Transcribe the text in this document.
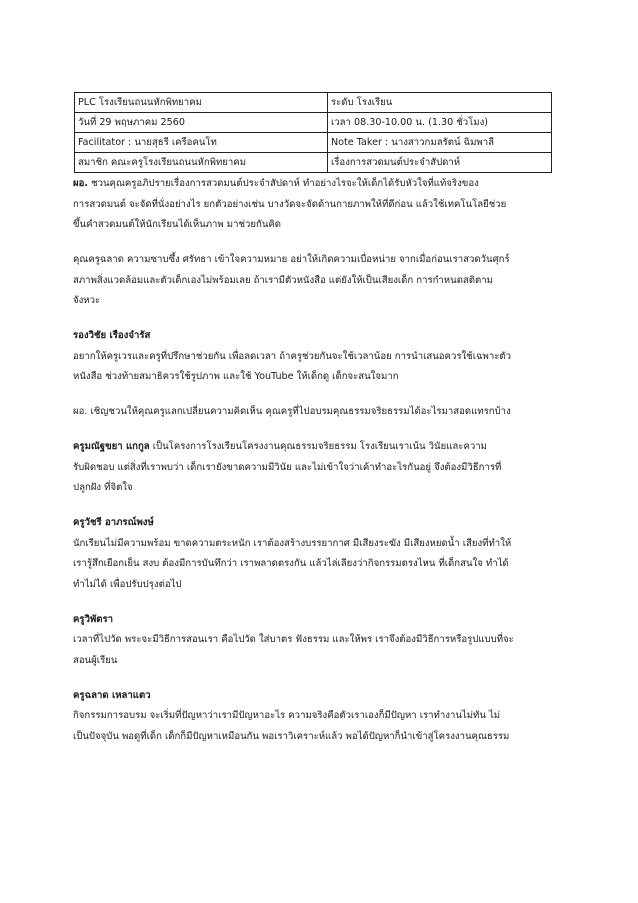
PLC โรงเรียนถนนหักพิทยาคม	ระดับ โรงเรียน
วันที่ 29 พฤษภาคม 2560	เวลา 08.30-10.00 น. (1.30 ชั่วโมง)
Facilitator : นายสุธรี เครือคนโท	Note Taker : นางสาวกมลรัตน์ ฉิมพาลี
สมาชิก คณะครูโรงเรียนถนนหักพิทยาคม	เรื่องการสวดมนต์ประจำสัปดาห์
ผอ. ชวนคุณครูอภิปรายเรื่องการสวดมนต์ประจำสัปดาห์ ทำอย่างไรจะให้เด็กได้รับหัวใจที่แท้จริงของ
การสวดมนต์ จะจัดที่นั่งอย่างไร ยกตัวอย่างเช่น บางวัดจะจัดด้านกายภาพให้ที่ดีก่อน แล้วใช้เทคโนโลยีช่วย
ขึ้นคำสวดมนต์ให้นักเรียนได้เห็นภาพ มาช่วยกันคิด
คุณครูฉลาด ความซาบซึ้ง ศรัทธา เข้าใจความหมาย อย่าให้เกิดความเบื่อหน่าย จากเมื่อก่อนเราสวดวันศุกร์
สภาพสิ่งแวดล้อมและตัวเด็กเองไม่พร้อมเลย ถ้าเรามีตัวหนังสือ แต่ยังให้เป็นเสียงเด็ก การกำหนดสติตาม
จังหวะ
รองวิชัย เรืองจำรัส
อยากให้ครูเวรและครูที่ปรึกษาช่วยกัน เพื่อลดเวลา ถ้าครูช่วยกันจะใช้เวลาน้อย การนำเสนอควรใช้เฉพาะตัว
หนังสือ ช่วงท้ายสมาธิควรใช้รูปภาพ และใช้ YouTube ให้เด็กดู เด็กจะสนใจมาก
ผอ. เชิญชวนให้คุณครูแลกเปลี่ยนความคิดเห็น คุณครูที่ไปอบรมคุณธรรมจริยธรรมได้อะไรมาสอดแทรกบ้าง
ครูมณัฐขยา แกกูล เป็นโครงการโรงเรียนโครงงานคุณธรรมจริยธรรม โรงเรียนเราเน้น วินัยและความ
รับผิดชอบ แต่สิ่งที่เราพบว่า เด็กเรายังขาดความมีวินัย และไม่เข้าใจว่าเค้าทำอะไรกันอยู่ จึงต้องมีวิธีการที่
ปลูกฝัง ที่จิตใจ
ครูวัชรี อาภรณ์พงษ์
นักเรียนไม่มีความพร้อม ขาดความตระหนัก เราต้องสร้างบรรยากาศ มีเสียงระฆัง มีเสียงหยดน้ำ เสียงที่ทำให้
เรารู้สึกเยือกเย็น สงบ ต้องมีการบันทึกว่า เราพลาดตรงกัน แล้วไล่เลียงว่ากิจกรรมตรงไหน ที่เด็กสนใจ ทำได้
ทำไม่ได้ เพื่อปรับปรุงต่อไป
ครูวิพัตรา
เวลาที่ไปวัด พระจะมีวิธีการสอนเรา คือไปวัด ใส่บาตร ฟังธรรม และให้พร เราจึงต้องมีวิธีการหรือรูปแบบที่จะ
สอนผู้เรียน
ครูฉลาด เหลาแตว
กิจกรรมการอบรม จะเริ่มที่ปัญหาว่าเรามีปัญหาอะไร ความจริงคือตัวเราเองก็มีปัญหา เราทำงานไม่ทัน ไม่
เป็นปัจจุบัน พอดูที่เด็ก เด็กก็มีปัญหาเหมือนกัน พอเราวิเคราะห์แล้ว พอได้ปัญหาก็นำเข้าสู่โครงงานคุณธรรม
